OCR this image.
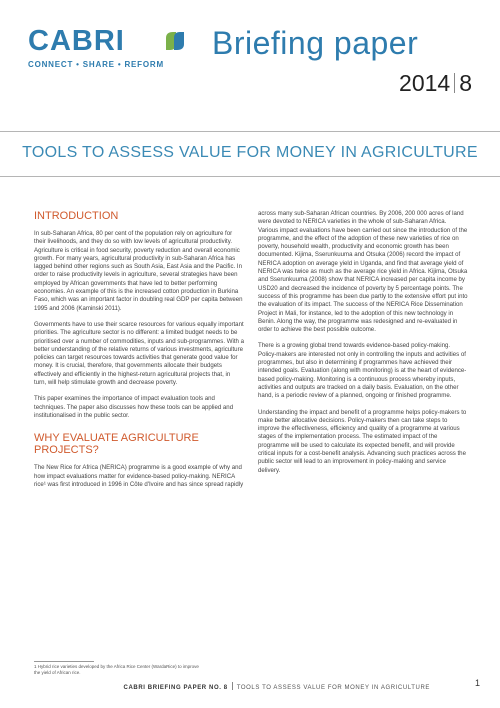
CABRI
CONNECT • SHARE • REFORM
Briefing paper
2014 8
TOOLS TO ASSESS VALUE FOR MONEY IN AGRICULTURE
INTRODUCTION

In sub-Saharan Africa, 80 per cent of the population rely on agriculture for their livelihoods, and they do so with low levels of agricultural productivity. Agriculture is critical in food security, poverty reduction and overall economic growth. For many years, agricultural productivity in sub-Saharan Africa has lagged behind other regions such as South Asia, East Asia and the Pacific. In order to raise productivity levels in agriculture, several strategies have been employed by African governments that have led to better performing economies. An example of this is the increased cotton production in Burkina Faso, which was an important factor in doubling real GDP per capita between 1995 and 2006 (Kaminski 2011).

Governments have to use their scarce resources for various equally important priorities. The agriculture sector is no different: a limited budget needs to be prioritised over a number of commodities, inputs and sub-programmes. With a better understanding of the relative returns of various investments, agriculture policies can target resources towards activities that generate good value for money. It is crucial, therefore, that governments allocate their budgets effectively and efficiently in the highest-return agricultural projects that, in turn, will help stimulate growth and decrease poverty.

This paper examines the importance of impact evaluation tools and techniques. The paper also discusses how these tools can be applied and institutionalised in the public sector.

WHY EVALUATE AGRICULTURE PROJECTS?

The New Rice for Africa (NERICA) programme is a good example of why and how impact evaluations matter for evidence-based policy-making. NERICA rice¹ was first introduced in 1996 in Côte d'Ivoire and has since spread rapidly

across many sub-Saharan African countries. By 2006, 200 000 acres of land were devoted to NERICA varieties in the whole of sub-Saharan Africa. Various impact evaluations have been carried out since the introduction of the programme, and the effect of the adoption of these new varieties of rice on poverty, household wealth, productivity and economic growth has been documented. Kijima, Sserunkuuma and Otsuka (2006) record the impact of NERICA adoption on average yield in Uganda, and find that average yield of NERICA was twice as much as the average rice yield in Africa. Kijima, Otsuka and Sserunkuuma (2008) show that NERICA increased per capita income by USD20 and decreased the incidence of poverty by 5 percentage points. The success of this programme has been due partly to the extensive effort put into the evaluation of its impact. The success of the NERICA Rice Dissemination Project in Mali, for instance, led to the adoption of this new technology in Benin. Along the way, the programme was redesigned and re-evaluated in order to achieve the best possible outcome.

There is a growing global trend towards evidence-based policy-making. Policy-makers are interested not only in controlling the inputs and activities of programmes, but also in determining if programmes have achieved their intended goals. Evaluation (along with monitoring) is at the heart of evidence-based policy-making. Monitoring is a continuous process whereby inputs, activities and outputs are tracked on a daily basis. Evaluation, on the other hand, is a periodic review of a planned, ongoing or finished programme.

Understanding the impact and benefit of a programme helps policy-makers to make better allocative decisions. Policy-makers then can take steps to improve the effectiveness, efficiency and quality of a programme at various stages of the implementation process. The estimated impact of the programme will be used to calculate its expected benefit, and will provide critical inputs for a cost-benefit analysis. Advancing such practices across the public sector will lead to an improvement in policy-making and service delivery.

1 Hybrid rice varieties developed by the Africa Rice Center (WardaRice) to improve the yield of African rice.
CABRI BRIEFING PAPER NO. 8 TOOLS TO ASSESS VALUE FOR MONEY IN AGRICULTURE	1
